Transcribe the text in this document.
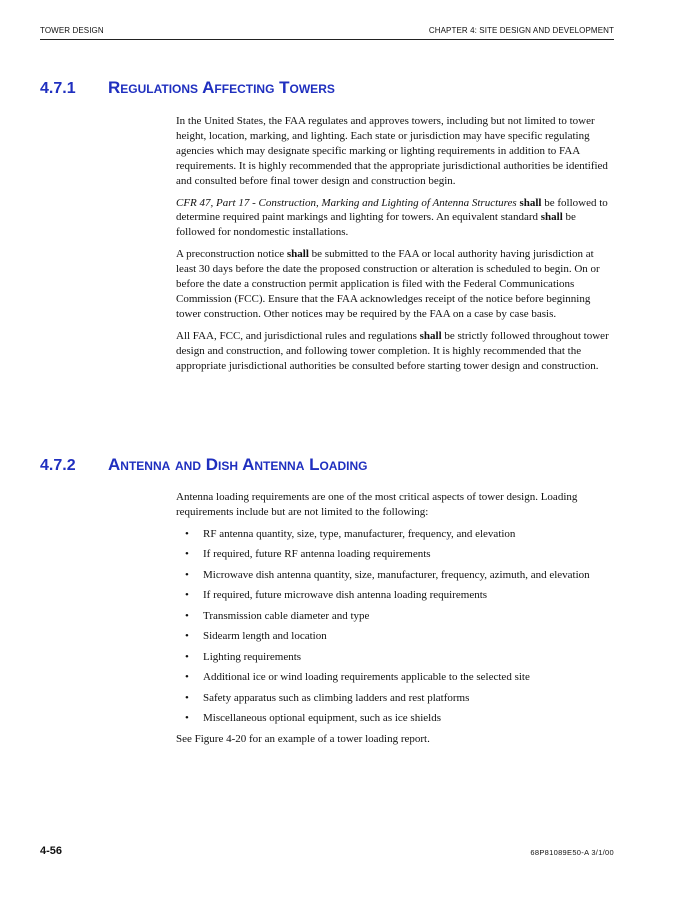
TOWER DESIGN	CHAPTER 4: SITE DESIGN AND DEVELOPMENT
4.7.1 Regulations Affecting Towers

In the United States, the FAA regulates and approves towers, including but not limited to tower height, location, marking, and lighting. Each state or jurisdiction may have specific regulating agencies which may designate specific marking or lighting requirements in addition to FAA requirements. It is highly recommended that the appropriate jurisdictional authorities be identified and consulted before final tower design and construction begin.

CFR 47, Part 17 - Construction, Marking and Lighting of Antenna Structures shall be followed to determine required paint markings and lighting for towers. An equivalent standard shall be followed for nondomestic installations.

A preconstruction notice shall be submitted to the FAA or local authority having jurisdiction at least 30 days before the date the proposed construction or alteration is scheduled to begin. On or before the date a construction permit application is filed with the Federal Communications Commission (FCC). Ensure that the FAA acknowledges receipt of the notice before beginning tower construction. Other notices may be required by the FAA on a case by case basis.

All FAA, FCC, and jurisdictional rules and regulations shall be strictly followed throughout tower design and construction, and following tower completion. It is highly recommended that the appropriate jurisdictional authorities be consulted before starting tower design and construction.

4.7.2 Antenna and Dish Antenna Loading

Antenna loading requirements are one of the most critical aspects of tower design. Loading requirements include but are not limited to the following:

• RF antenna quantity, size, type, manufacturer, frequency, and elevation
• If required, future RF antenna loading requirements
• Microwave dish antenna quantity, size, manufacturer, frequency, azimuth, and elevation
• If required, future microwave dish antenna loading requirements
• Transmission cable diameter and type
• Sidearm length and location
• Lighting requirements
• Additional ice or wind loading requirements applicable to the selected site
• Safety apparatus such as climbing ladders and rest platforms
• Miscellaneous optional equipment, such as ice shields

See Figure 4-20 for an example of a tower loading report.

4-56	68P81089E50-A 3/1/00
